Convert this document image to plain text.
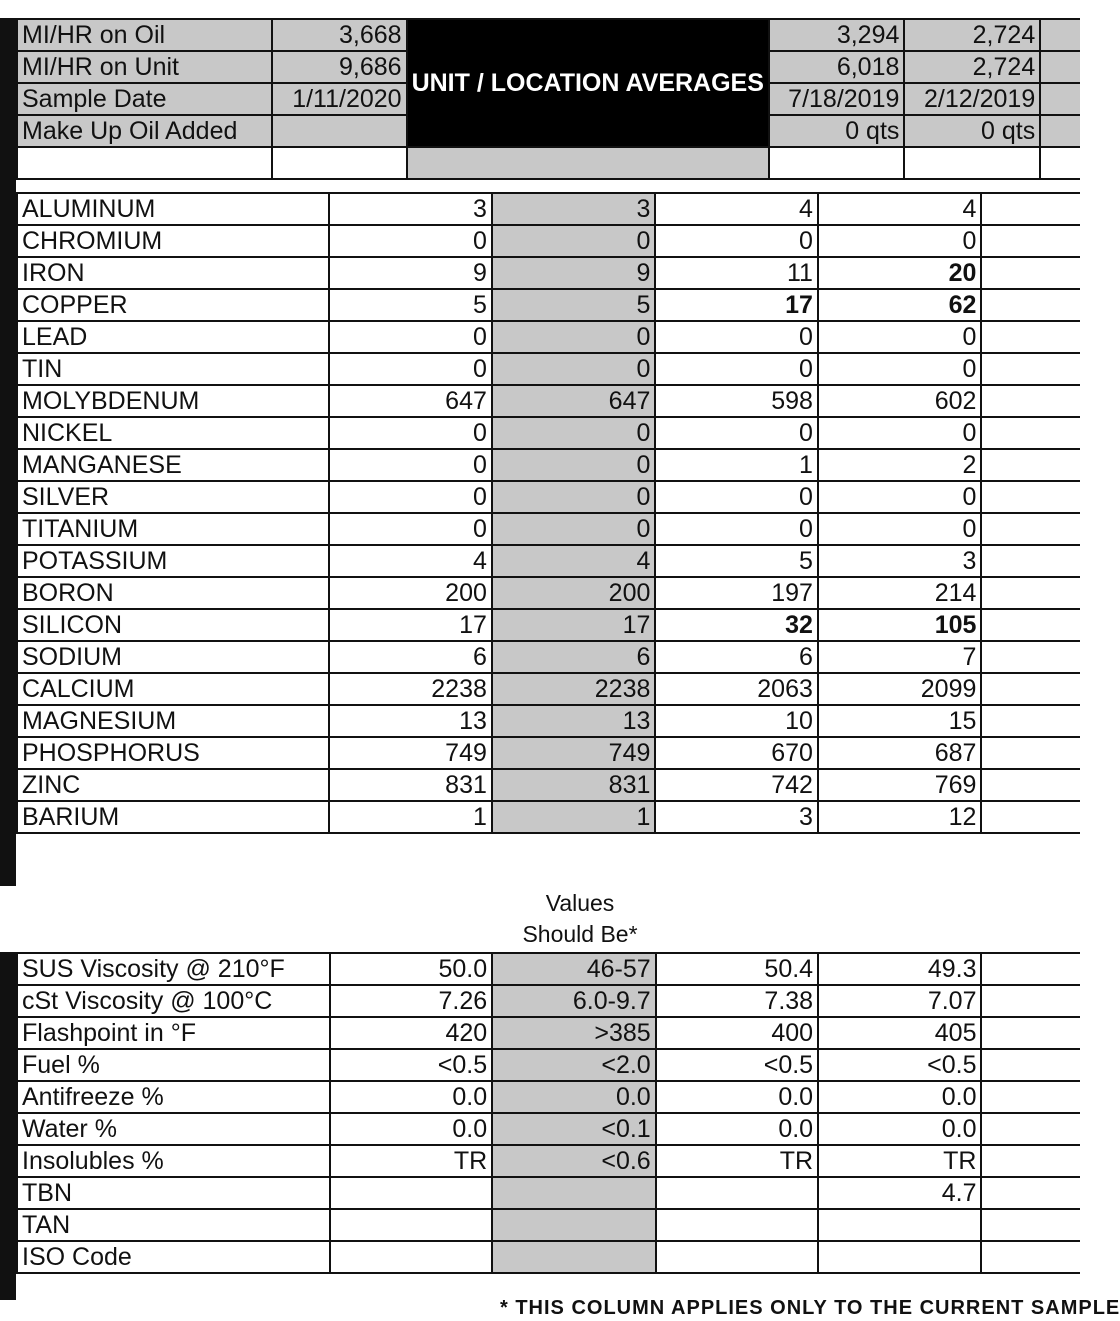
MI/HR on Oil	3,668	UNIT / LOCATION AVERAGES	3,294	2,724	
MI/HR on Unit	9,686		6,018	2,724	
Sample Date	1/11/2020		7/18/2019	2/12/2019	
Make Up Oil Added			0 qts	0 qts	

ALUMINUM	3	3	4	4	
CHROMIUM	0	0	0	0	
IRON	9	9	11	20	
COPPER	5	5	17	62	
LEAD	0	0	0	0	
TIN	0	0	0	0	
MOLYBDENUM	647	647	598	602	
NICKEL	0	0	0	0	
MANGANESE	0	0	1	2	
SILVER	0	0	0	0	
TITANIUM	0	0	0	0	
POTASSIUM	4	4	5	3	
BORON	200	200	197	214	
SILICON	17	17	32	105	
SODIUM	6	6	6	7	
CALCIUM	2238	2238	2063	2099	
MAGNESIUM	13	13	10	15	
PHOSPHORUS	749	749	670	687	
ZINC	831	831	742	769	
BARIUM	1	1	3	12	
Values
Should Be*
SUS Viscosity @ 210°F	50.0	46-57	50.4	49.3	
cSt Viscosity @ 100°C	7.26	6.0-9.7	7.38	7.07	
Flashpoint in °F	420	>385	400	405	
Fuel %	<0.5	<2.0	<0.5	<0.5	
Antifreeze %	0.0	0.0	0.0	0.0	
Water %	0.0	<0.1	0.0	0.0	
Insolubles %	TR	<0.6	TR	TR	
TBN				4.7	
TAN					
ISO Code					
* THIS COLUMN APPLIES ONLY TO THE CURRENT SAMPLE
